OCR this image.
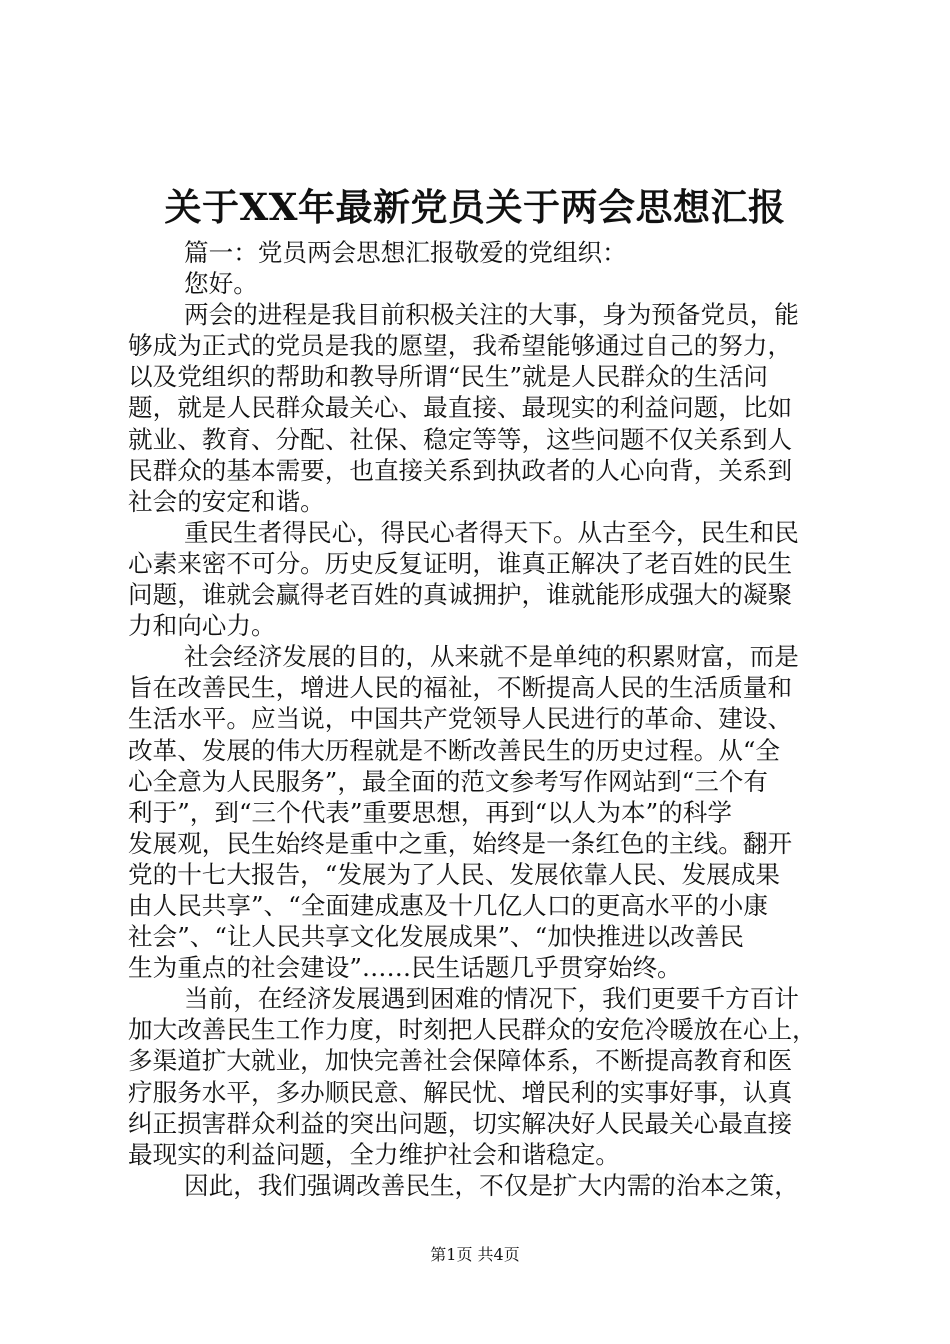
关于XX年最新党员关于两会思想汇报
篇一：党员两会思想汇报敬爱的党组织：
您好。
两会的进程是我目前积极关注的大事，身为预备党员，能
够成为正式的党员是我的愿望，我希望能够通过自己的努力，
以及党组织的帮助和教导所谓“民生”就是人民群众的生活问
题，就是人民群众最关心、最直接、最现实的利益问题，比如
就业、教育、分配、社保、稳定等等，这些问题不仅关系到人
民群众的基本需要，也直接关系到执政者的人心向背，关系到
社会的安定和谐。
重民生者得民心，得民心者得天下。从古至今，民生和民
心素来密不可分。历史反复证明，谁真正解决了老百姓的民生
问题，谁就会赢得老百姓的真诚拥护，谁就能形成强大的凝聚
力和向心力。
社会经济发展的目的，从来就不是单纯的积累财富，而是
旨在改善民生，增进人民的福祉，不断提高人民的生活质量和
生活水平。应当说，中国共产党领导人民进行的革命、建设、
改革、发展的伟大历程就是不断改善民生的历史过程。从“全
心全意为人民服务”，最全面的范文参考写作网站到“三个有
利于”，到“三个代表”重要思想，再到“以人为本”的科学
发展观，民生始终是重中之重，始终是一条红色的主线。翻开
党的十七大报告，“发展为了人民、发展依靠人民、发展成果
由人民共享”、“全面建成惠及十几亿人口的更高水平的小康
社会”、“让人民共享文化发展成果”、“加快推进以改善民
生为重点的社会建设”……民生话题几乎贯穿始终。
当前，在经济发展遇到困难的情况下，我们更要千方百计
加大改善民生工作力度，时刻把人民群众的安危冷暖放在心上，
多渠道扩大就业，加快完善社会保障体系，不断提高教育和医
疗服务水平，多办顺民意、解民忧、增民利的实事好事，认真
纠正损害群众利益的突出问题，切实解决好人民最关心最直接
最现实的利益问题，全力维护社会和谐稳定。
因此，我们强调改善民生，不仅是扩大内需的治本之策，
第1页 共4页
